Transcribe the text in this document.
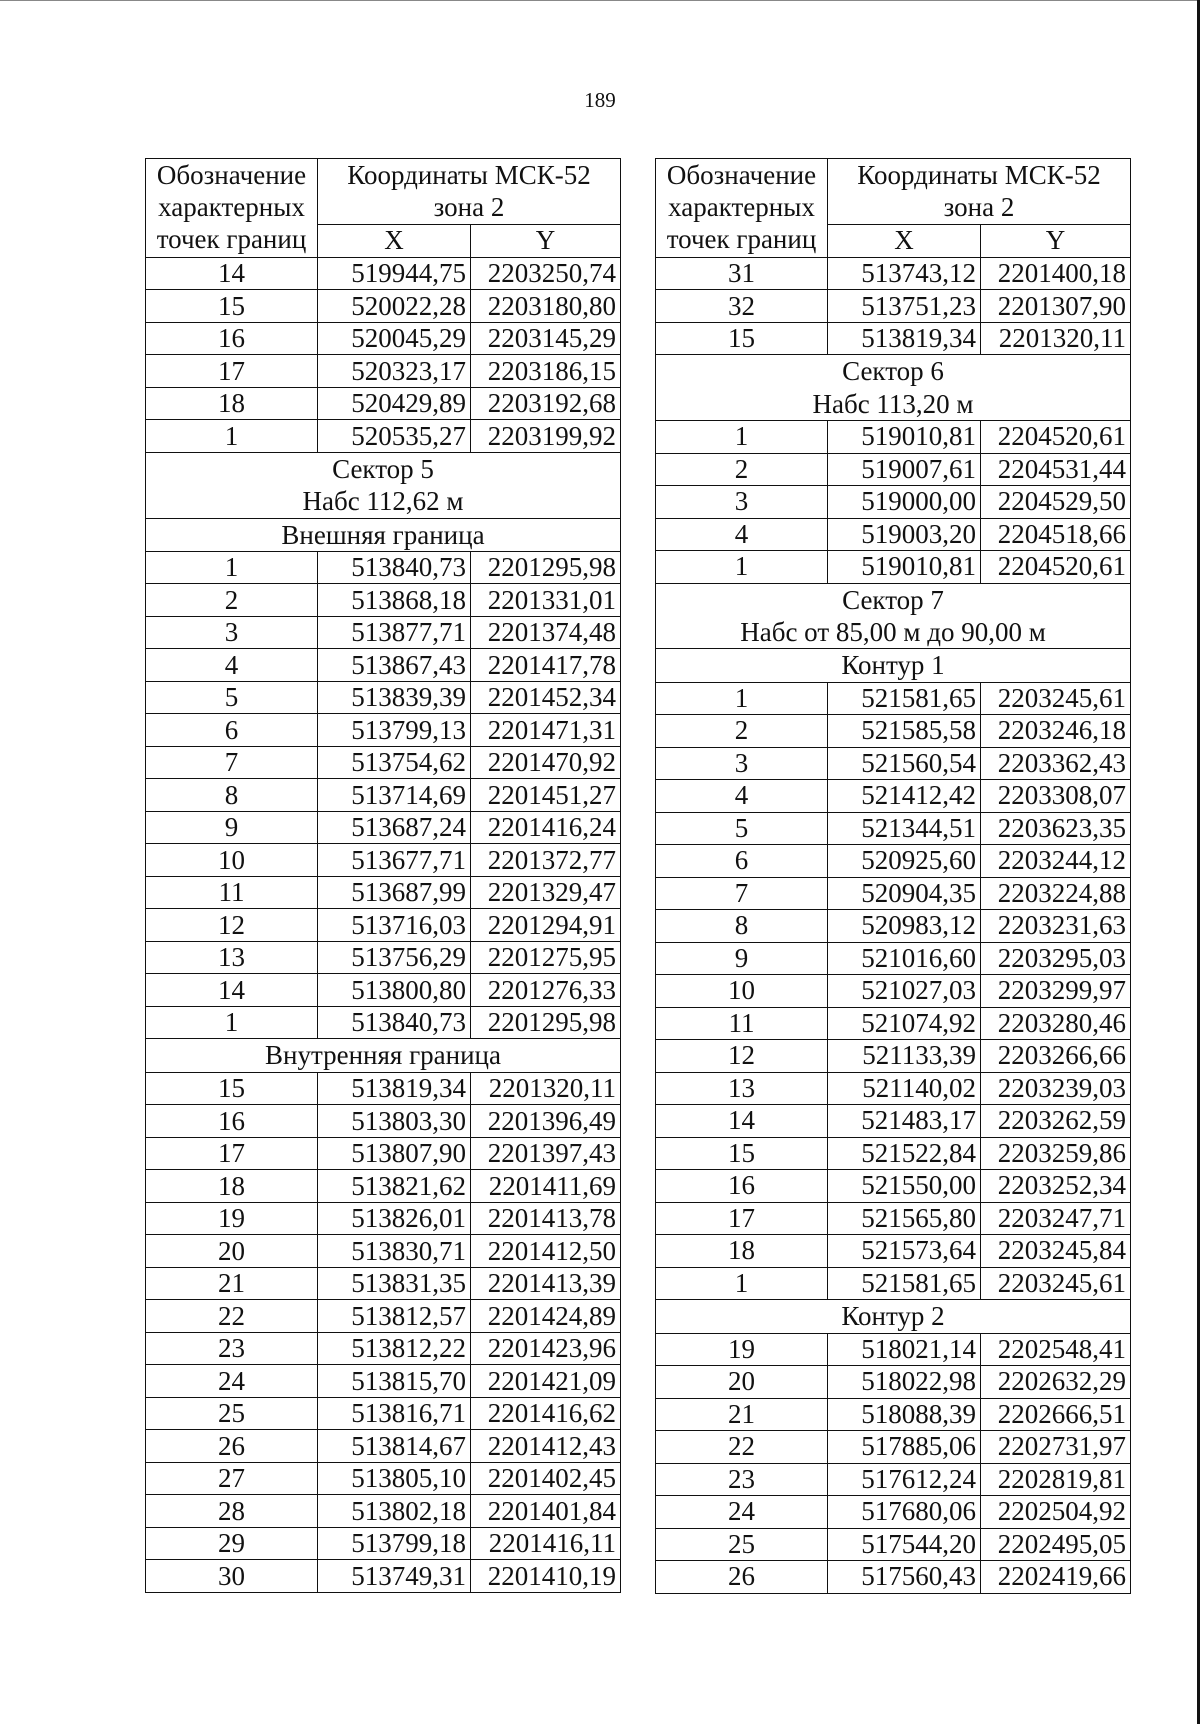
189
Обозначение
характерных
точек границ	Координаты МСК-52 зона 2	
	X	Y
14	519944,75	2203250,74
15	520022,28	2203180,80
16	520045,29	2203145,29
17	520323,17	2203186,15
18	520429,89	2203192,68
1	520535,27	2203199,92

Сектор 5
Набс 112,62 м		

Внешняя граница		

1	513840,73	2201295,98
2	513868,18	2201331,01
3	513877,71	2201374,48
4	513867,43	2201417,78
5	513839,39	2201452,34
6	513799,13	2201471,31
7	513754,62	2201470,92
8	513714,69	2201451,27
9	513687,24	2201416,24
10	513677,71	2201372,77
11	513687,99	2201329,47
12	513716,03	2201294,91
13	513756,29	2201275,95
14	513800,80	2201276,33
1	513840,73	2201295,98

Внутренняя граница		

15	513819,34	2201320,11
16	513803,30	2201396,49
17	513807,90	2201397,43
18	513821,62	2201411,69
19	513826,01	2201413,78
20	513830,71	2201412,50
21	513831,35	2201413,39
22	513812,57	2201424,89
23	513812,22	2201423,96
24	513815,70	2201421,09
25	513816,71	2201416,62
26	513814,67	2201412,43
27	513805,10	2201402,45
28	513802,18	2201401,84
29	513799,18	2201416,11
30	513749,31	2201410,19
Обозначение
характерных
точек границ	Координаты МСК-52 зона 2	
	X	Y
31	513743,12	2201400,18
32	513751,23	2201307,90
15	513819,34	2201320,11

Сектор 6
Набс 113,20 м		

1	519010,81	2204520,61
2	519007,61	2204531,44
3	519000,00	2204529,50
4	519003,20	2204518,66
1	519010,81	2204520,61

Сектор 7
Набс от 85,00 м до 90,00 м		

Контур 1		

1	521581,65	2203245,61
2	521585,58	2203246,18
3	521560,54	2203362,43
4	521412,42	2203308,07
5	521344,51	2203623,35
6	520925,60	2203244,12
7	520904,35	2203224,88
8	520983,12	2203231,63
9	521016,60	2203295,03
10	521027,03	2203299,97
11	521074,92	2203280,46
12	521133,39	2203266,66
13	521140,02	2203239,03
14	521483,17	2203262,59
15	521522,84	2203259,86
16	521550,00	2203252,34
17	521565,80	2203247,71
18	521573,64	2203245,84
1	521581,65	2203245,61

Контур 2		

19	518021,14	2202548,41
20	518022,98	2202632,29
21	518088,39	2202666,51
22	517885,06	2202731,97
23	517612,24	2202819,81
24	517680,06	2202504,92
25	517544,20	2202495,05
26	517560,43	2202419,66
